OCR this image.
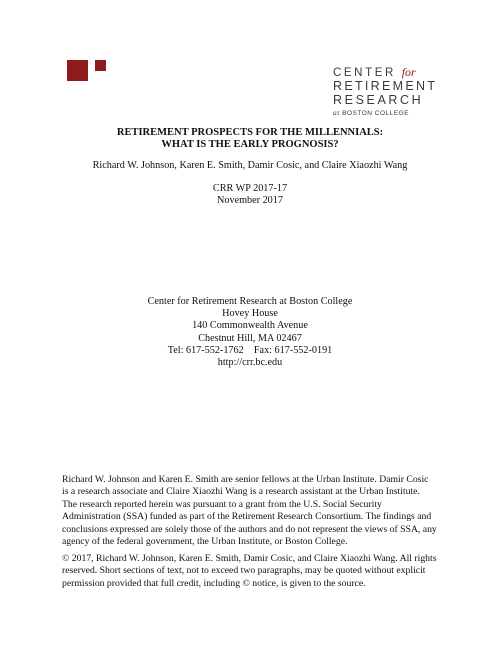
CENTER for
RETIREMENT
RESEARCH
at BOSTON COLLEGE
RETIREMENT PROSPECTS FOR THE MILLENNIALS:
WHAT IS THE EARLY PROGNOSIS?
Richard W. Johnson, Karen E. Smith, Damir Cosic, and Claire Xiaozhi Wang
CRR WP 2017-17
November 2017
Center for Retirement Research at Boston College
Hovey House
140 Commonwealth Avenue
Chestnut Hill, MA 02467
Tel: 617-552-1762    Fax: 617-552-0191
http://crr.bc.edu
Richard W. Johnson and Karen E. Smith are senior fellows at the Urban Institute. Damir Cosic
is a research associate and Claire Xiaozhi Wang is a research assistant at the Urban Institute.
The research reported herein was pursuant to a grant from the U.S. Social Security
Administration (SSA) funded as part of the Retirement Research Consortium. The findings and
conclusions expressed are solely those of the authors and do not represent the views of SSA, any
agency of the federal government, the Urban Institute, or Boston College.
© 2017, Richard W. Johnson, Karen E. Smith, Damir Cosic, and Claire Xiaozhi Wang. All rights
reserved. Short sections of text, not to exceed two paragraphs, may be quoted without explicit
permission provided that full credit, including © notice, is given to the source.
